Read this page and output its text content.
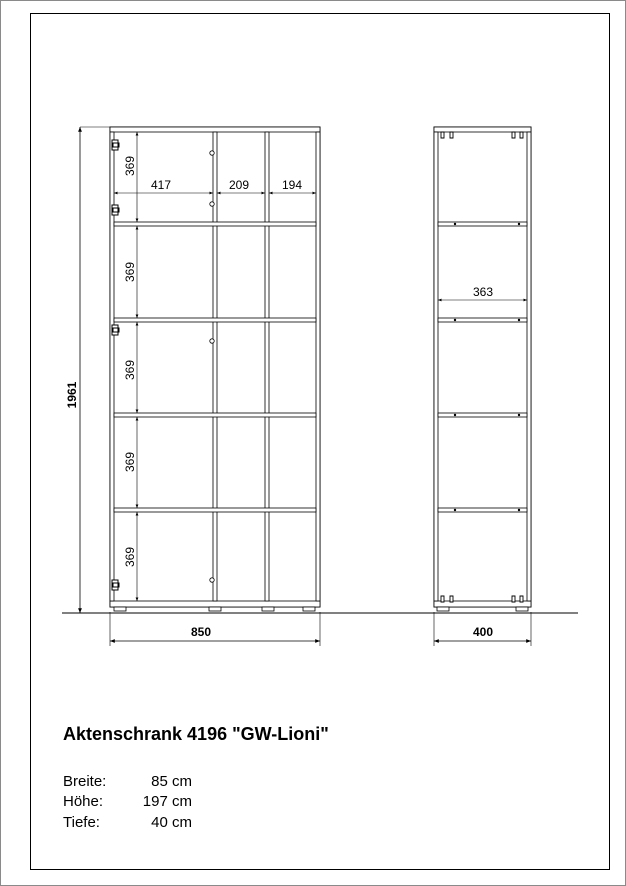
1961
369
369
369
369
369
417	209	194
850
363
400
Aktenschrank 4196 "GW-Lioni"
Breite:	85 cm
Höhe:	197 cm
Tiefe:	40 cm
